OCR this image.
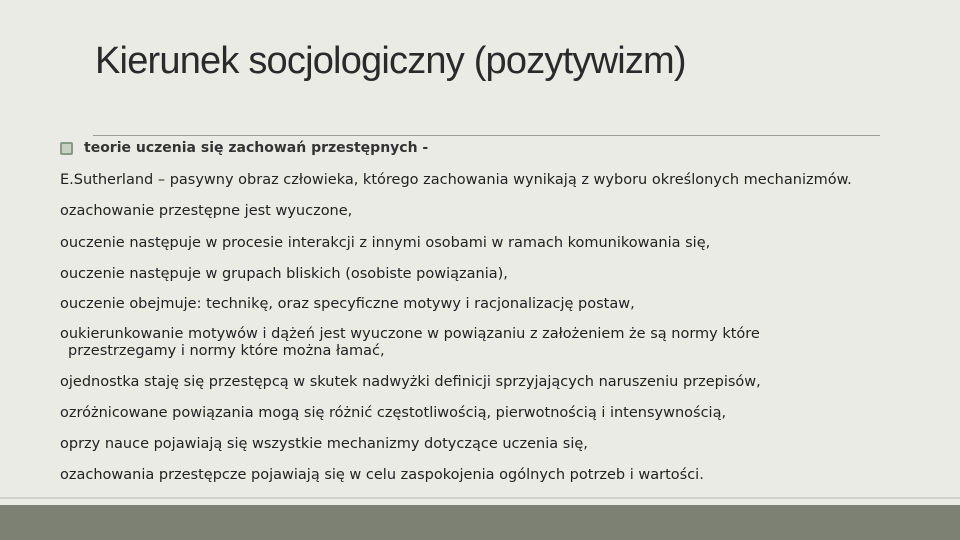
Kierunek socjologiczny (pozytywizm)
teorie uczenia się zachowań przestępnych -
E.Sutherland – pasywny obraz człowieka, którego zachowania wynikają z wyboru określonych mechanizmów.
ozachowanie przestępne jest wyuczone,
ouczenie następuje w procesie interakcji z innymi osobami w ramach komunikowania się,
ouczenie następuje w grupach bliskich (osobiste powiązania),
ouczenie obejmuje: technikę, oraz specyficzne motywy i racjonalizację postaw,
oukierunkowanie motywów i dążeń jest wyuczone w powiązaniu z założeniem że są normy które
przestrzegamy i normy które można łamać,
ojednostka staję się przestępcą w skutek nadwyżki definicji sprzyjających naruszeniu przepisów,
ozróżnicowane powiązania mogą się różnić częstotliwością, pierwotnością i intensywnością,
oprzy nauce pojawiają się wszystkie mechanizmy dotyczące uczenia się,
ozachowania przestępcze pojawiają się w celu zaspokojenia ogólnych potrzeb i wartości.
